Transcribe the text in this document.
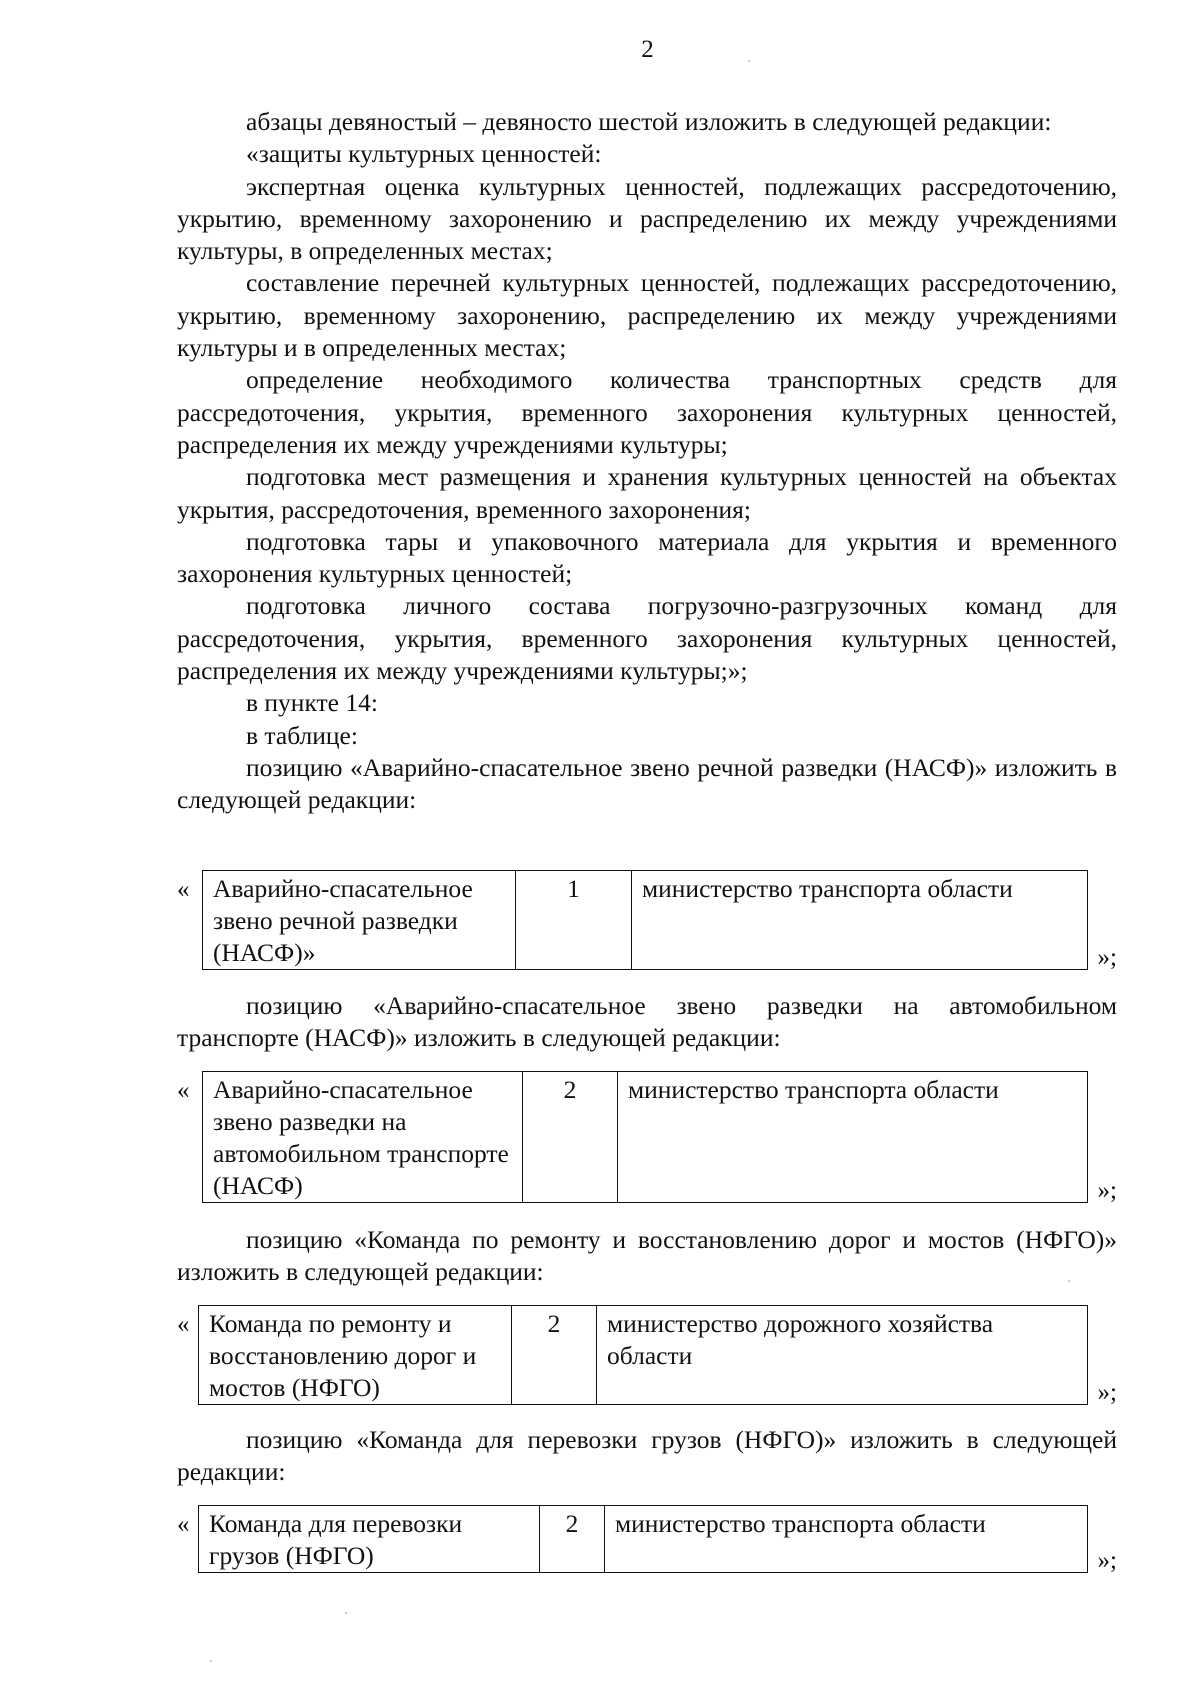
2

абзацы девяностый – девяносто шестой изложить в следующей редакции:

«защиты культурных ценностей:

экспертная оценка культурных ценностей, подлежащих рассредоточению, укрытию, временному захоронению и распределению их между учреждениями культуры, в определенных местах;

составление перечней культурных ценностей, подлежащих рассредоточению, укрытию, временному захоронению, распределению их между учреждениями культуры и в определенных местах;

определение необходимого количества транспортных средств для рассредоточения, укрытия, временного захоронения культурных ценностей, распределения их между учреждениями культуры;

подготовка мест размещения и хранения культурных ценностей на объектах укрытия, рассредоточения, временного захоронения;

подготовка тары и упаковочного материала для укрытия и временного захоронения культурных ценностей;

подготовка личного состава погрузочно-разгрузочных команд для рассредоточения, укрытия, временного захоронения культурных ценностей, распределения их между учреждениями культуры;»;

в пункте 14:

в таблице:

позицию «Аварийно-спасательное звено речной разведки (НАСФ)» изложить в следующей редакции:

« Аварийно-спасательное звено речной разведки (НАСФ)»	1	министерство транспорта области
»;

позицию «Аварийно-спасательное звено разведки на автомобильном транспорте (НАСФ)» изложить в следующей редакции:

« Аварийно-спасательное звено разведки на автомобильном транспорте (НАСФ)	2	министерство транспорта области
»;

позицию «Команда по ремонту и восстановлению дорог и мостов (НФГО)» изложить в следующей редакции:

« Команда по ремонту и восстановлению дорог и мостов (НФГО)	2	министерство дорожного хозяйства области
»;

позицию «Команда для перевозки грузов (НФГО)» изложить в следующей редакции:

« Команда для перевозки грузов (НФГО)	2	министерство транспорта области
»;
